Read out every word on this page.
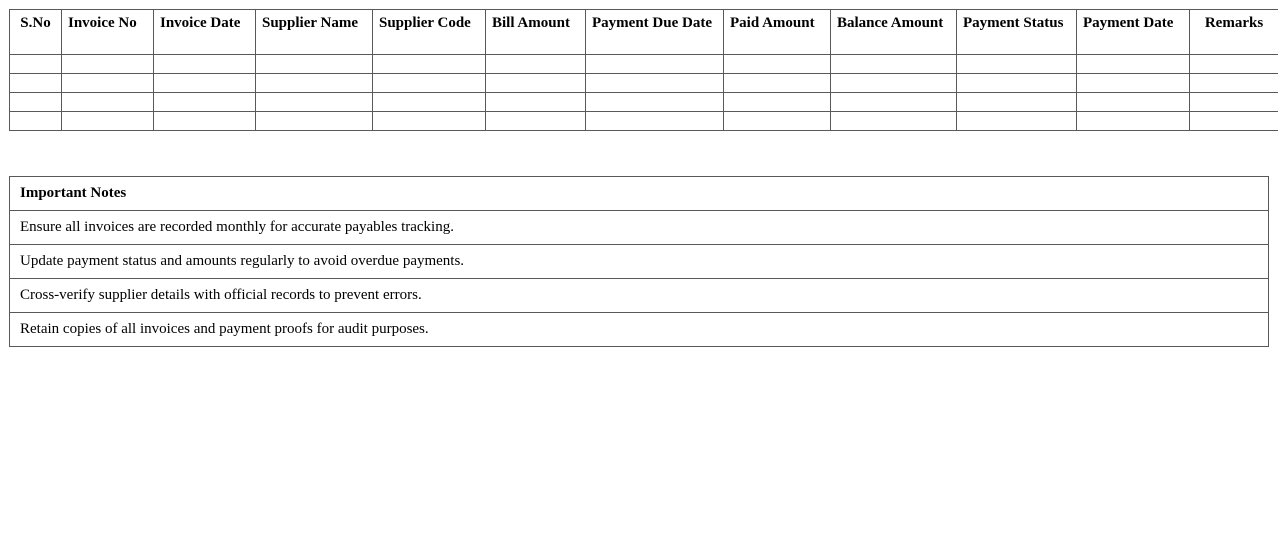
S.No	Invoice No	Invoice Date	Supplier Name	Supplier Code	Bill Amount	Payment Due Date	Paid Amount	Balance Amount	Payment Status	Payment Date	Remarks

Important Notes
Ensure all invoices are recorded monthly for accurate payables tracking.
Update payment status and amounts regularly to avoid overdue payments.
Cross-verify supplier details with official records to prevent errors.
Retain copies of all invoices and payment proofs for audit purposes.
